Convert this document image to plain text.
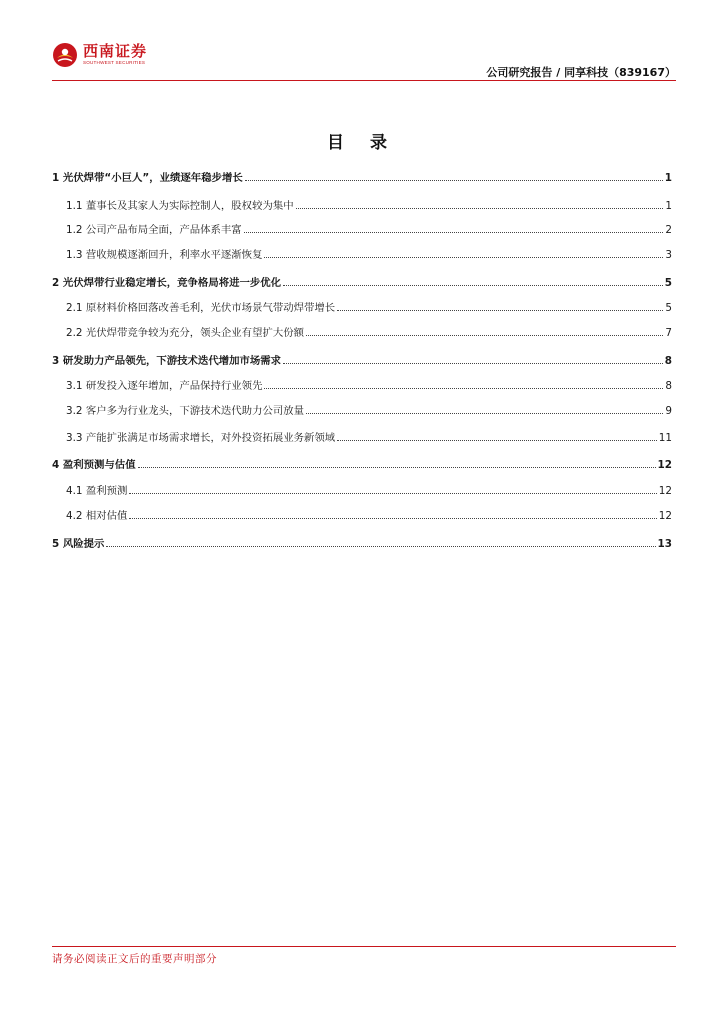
西南证券
SOUTHWEST SECURITIES
公司研究报告 / 同享科技（839167）
目 录
1 光伏焊带“小巨人”，业绩逐年稳步增长	1
1.1 董事长及其家人为实际控制人，股权较为集中	1
1.2 公司产品布局全面，产品体系丰富	2
1.3 营收规模逐渐回升，利率水平逐渐恢复	3
2 光伏焊带行业稳定增长，竞争格局将进一步优化	5
2.1 原材料价格回落改善毛利，光伏市场景气带动焊带增长	5
2.2 光伏焊带竞争较为充分，领头企业有望扩大份额	7
3 研发助力产品领先，下游技术迭代增加市场需求	8
3.1 研发投入逐年增加，产品保持行业领先	8
3.2 客户多为行业龙头，下游技术迭代助力公司放量	9
3.3 产能扩张满足市场需求增长，对外投资拓展业务新领域	11
4 盈利预测与估值	12
4.1 盈利预测	12
4.2 相对估值	12
5 风险提示	13
请务必阅读正文后的重要声明部分
